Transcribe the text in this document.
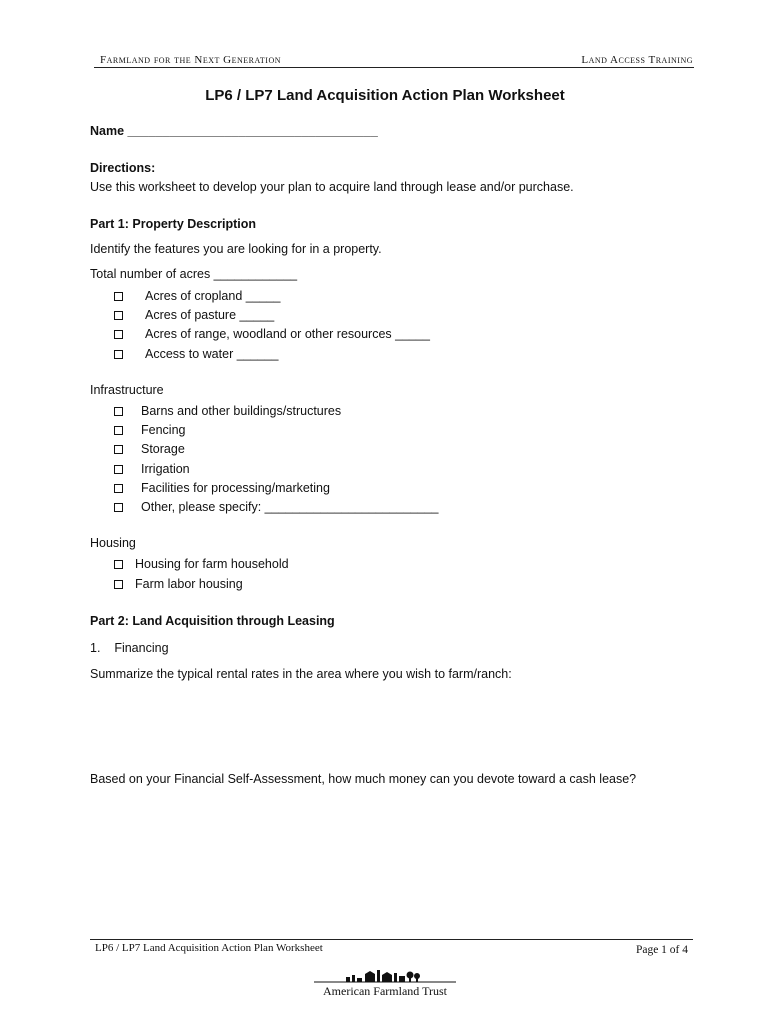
Farmland for the Next Generation	Land Access Training
LP6 / LP7 Land Acquisition Action Plan Worksheet
Name ____________________________________
Directions:
Use this worksheet to develop your plan to acquire land through lease and/or purchase.
Part 1: Property Description
Identify the features you are looking for in a property.
Total number of acres ____________
Acres of cropland _____
Acres of pasture _____
Acres of range, woodland or other resources _____
Access to water ______
Infrastructure
Barns and other buildings/structures
Fencing
Storage
Irrigation
Facilities for processing/marketing
Other, please specify: _________________________
Housing
Housing for farm household
Farm labor housing
Part 2: Land Acquisition through Leasing
1.    Financing
Summarize the typical rental rates in the area where you wish to farm/ranch:
Based on your Financial Self-Assessment, how much money can you devote toward a cash lease?
LP6 / LP7 Land Acquisition Action Plan Worksheet	Page 1 of 4
American Farmland Trust
